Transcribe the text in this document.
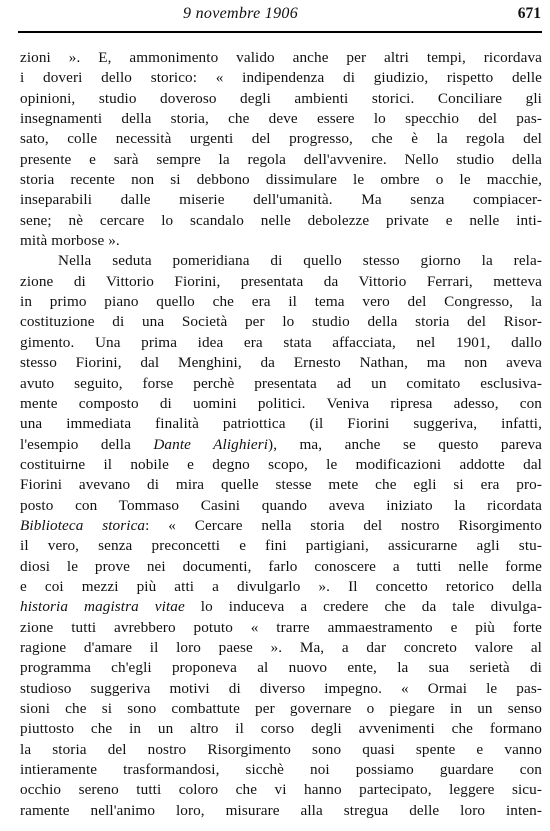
9 novembre 1906	671
zioni ». E, ammonimento valido anche per altri tempi, ricordava
i doveri dello storico: « indipendenza di giudizio, rispetto delle
opinioni, studio doveroso degli ambienti storici. Conciliare gli
insegnamenti della storia, che deve essere lo specchio del pas-
sato, colle necessità urgenti del progresso, che è la regola del
presente e sarà sempre la regola dell'avvenire. Nello studio della
storia recente non si debbono dissimulare le ombre o le macchie,
inseparabili dalle miserie dell'umanità. Ma senza compiacer-
sene; nè cercare lo scandalo nelle debolezze private e nelle inti-
mità morbose ».
Nella seduta pomeridiana di quello stesso giorno la rela-
zione di Vittorio Fiorini, presentata da Vittorio Ferrari, metteva
in primo piano quello che era il tema vero del Congresso, la
costituzione di una Società per lo studio della storia del Risor-
gimento. Una prima idea era stata affacciata, nel 1901, dallo
stesso Fiorini, dal Menghini, da Ernesto Nathan, ma non aveva
avuto seguito, forse perchè presentata ad un comitato esclusiva-
mente composto di uomini politici. Veniva ripresa adesso, con
una immediata finalità patriottica (il Fiorini suggeriva, infatti,
l'esempio della Dante Alighieri), ma, anche se questo pareva
costituirne il nobile e degno scopo, le modificazioni addotte dal
Fiorini avevano di mira quelle stesse mete che egli si era pro-
posto con Tommaso Casini quando aveva iniziato la ricordata
Biblioteca storica: « Cercare nella storia del nostro Risorgimento
il vero, senza preconcetti e fini partigiani, assicurarne agli stu-
diosi le prove nei documenti, farlo conoscere a tutti nelle forme
e coi mezzi più atti a divulgarlo ». Il concetto retorico della
historia magistra vitae lo induceva a credere che da tale divulga-
zione tutti avrebbero potuto « trarre ammaestramento e più forte
ragione d'amare il loro paese ». Ma, a dar concreto valore al
programma ch'egli proponeva al nuovo ente, la sua serietà di
studioso suggeriva motivi di diverso impegno. « Ormai le pas-
sioni che si sono combattute per governare o piegare in un senso
piuttosto che in un altro il corso degli avvenimenti che formano
la storia del nostro Risorgimento sono quasi spente e vanno
intieramente trasformandosi, sicchè noi possiamo guardare con
occhio sereno tutti coloro che vi hanno partecipato, leggere sicu-
ramente nell'animo loro, misurare alla stregua delle loro inten-
